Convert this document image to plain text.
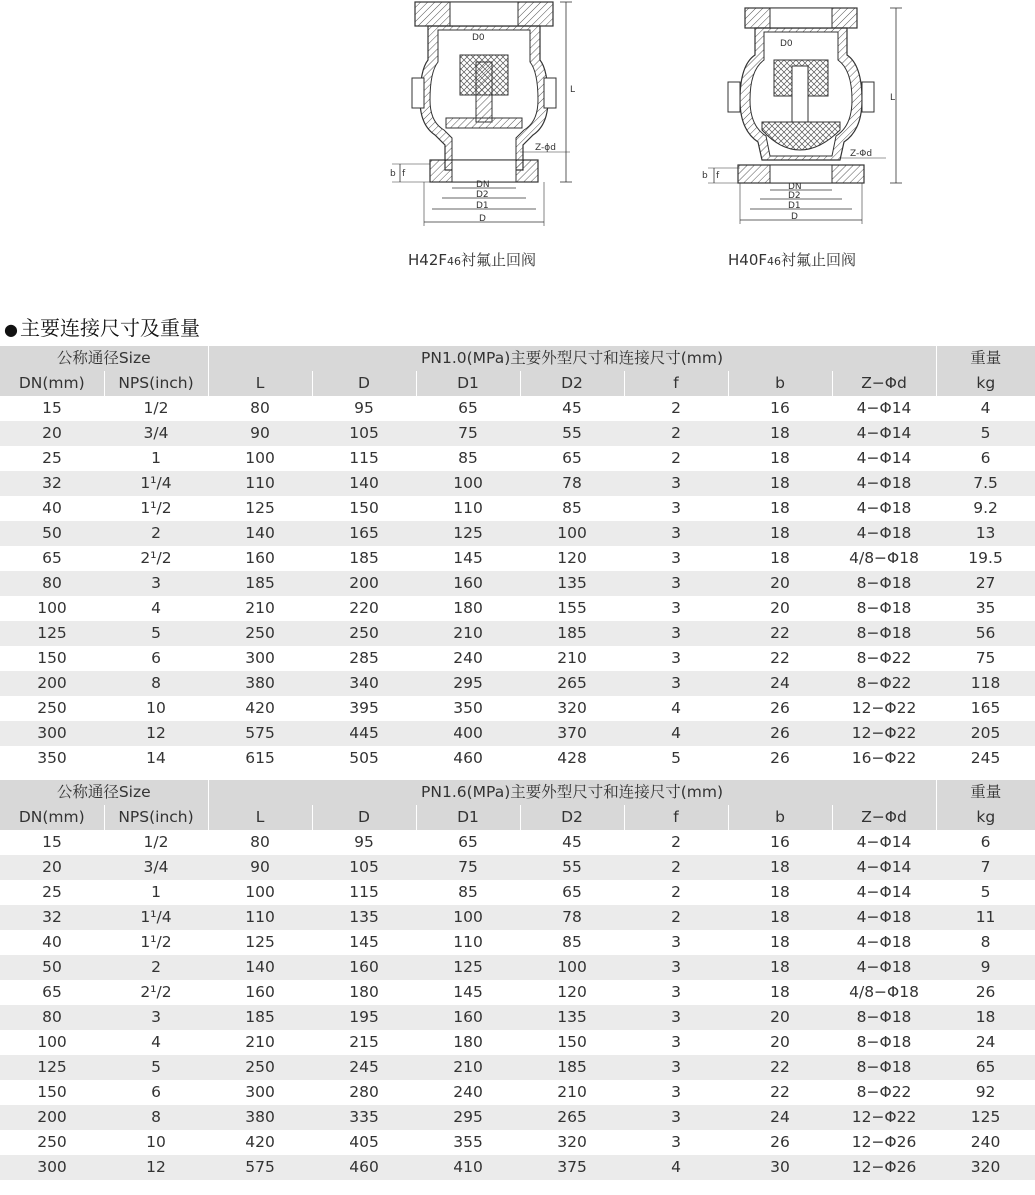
D0
L
Z-ϕd
b f
DN
D2
D1
D
H42F46衬氟止回阀
D0
L
Z-Φd
b f
DN
D2
D1
D
H40F46衬氟止回阀
● 主要连接尺寸及重量
公称通径Size		PN1.0(MPa)主要外型尺寸和连接尺寸(mm)							重量
DN(mm)	NPS(inch)	L	D	D1	D2	f	b	Z−Φd	kg
15	1/2	80	95	65	45	2	16	4−Φ14	4
20	3/4	90	105	75	55	2	18	4−Φ14	5
25	1	100	115	85	65	2	18	4−Φ14	6
32	1¹/4	110	140	100	78	3	18	4−Φ18	7.5
40	1¹/2	125	150	110	85	3	18	4−Φ18	9.2
50	2	140	165	125	100	3	18	4−Φ18	13
65	2¹/2	160	185	145	120	3	18	4/8−Φ18	19.5
80	3	185	200	160	135	3	20	8−Φ18	27
100	4	210	220	180	155	3	20	8−Φ18	35
125	5	250	250	210	185	3	22	8−Φ18	56
150	6	300	285	240	210	3	22	8−Φ22	75
200	8	380	340	295	265	3	24	8−Φ22	118
250	10	420	395	350	320	4	26	12−Φ22	165
300	12	575	445	400	370	4	26	12−Φ22	205
350	14	615	505	460	428	5	26	16−Φ22	245
公称通径Size		PN1.6(MPa)主要外型尺寸和连接尺寸(mm)							重量
DN(mm)	NPS(inch)	L	D	D1	D2	f	b	Z−Φd	kg
15	1/2	80	95	65	45	2	16	4−Φ14	6
20	3/4	90	105	75	55	2	18	4−Φ14	7
25	1	100	115	85	65	2	18	4−Φ14	5
32	1¹/4	110	135	100	78	2	18	4−Φ18	11
40	1¹/2	125	145	110	85	3	18	4−Φ18	8
50	2	140	160	125	100	3	18	4−Φ18	9
65	2¹/2	160	180	145	120	3	18	4/8−Φ18	26
80	3	185	195	160	135	3	20	8−Φ18	18
100	4	210	215	180	150	3	20	8−Φ18	24
125	5	250	245	210	185	3	22	8−Φ18	65
150	6	300	280	240	210	3	22	8−Φ22	92
200	8	380	335	295	265	3	24	12−Φ22	125
250	10	420	405	355	320	3	26	12−Φ26	240
300	12	575	460	410	375	4	30	12−Φ26	320
